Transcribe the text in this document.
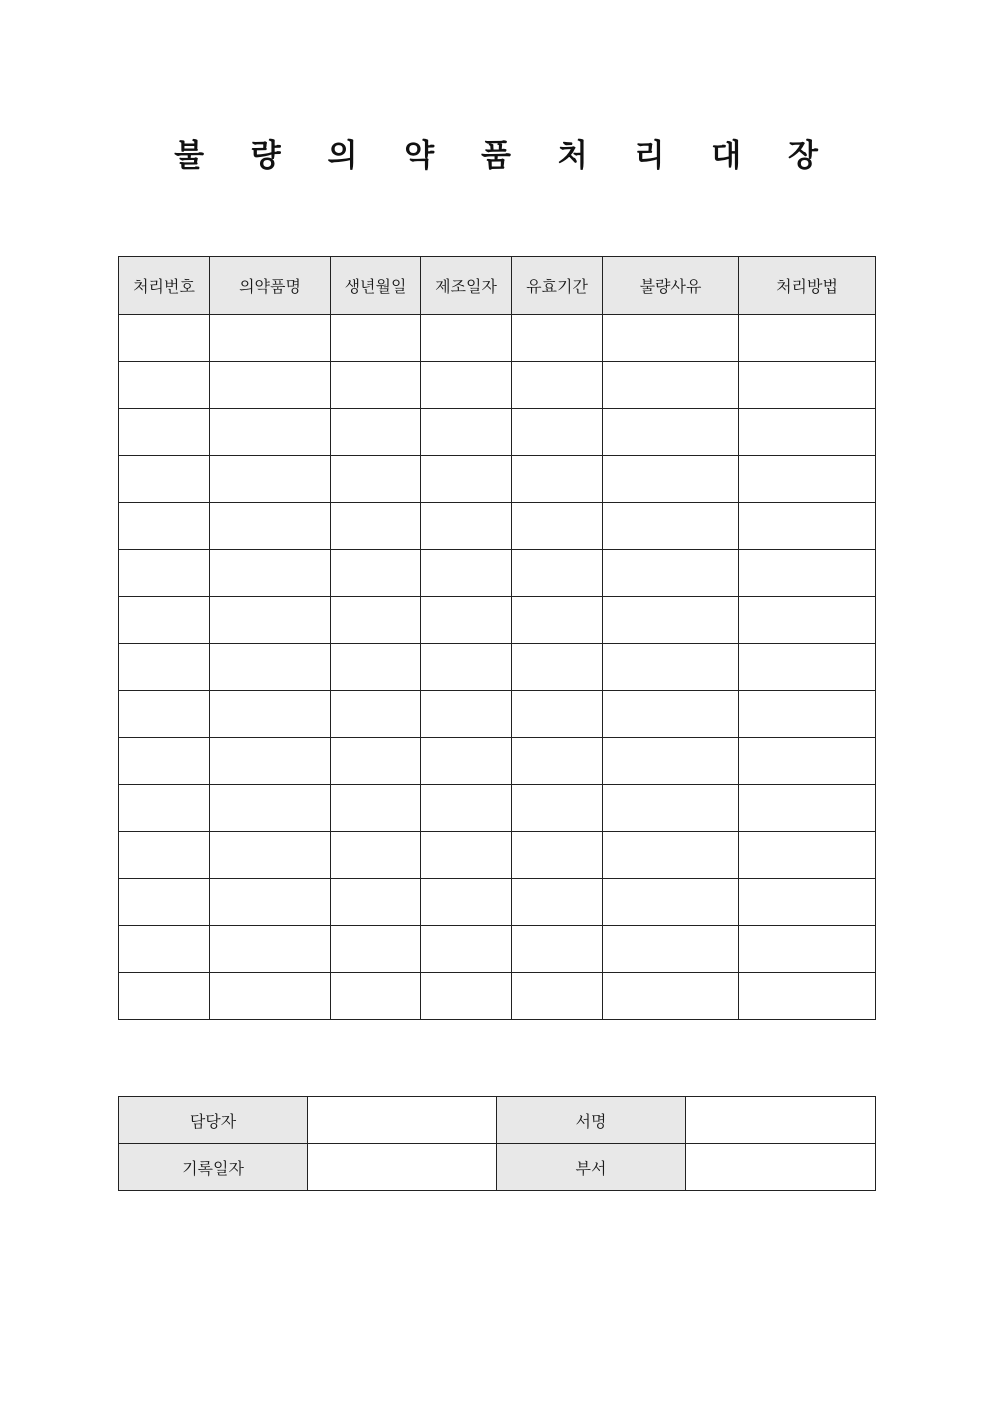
불 량 의 약 품 처 리 대 장
처리번호	의약품명	생년월일	제조일자	유효기간	불량사유	처리방법

담당자		서명	
기록일자		부서	
